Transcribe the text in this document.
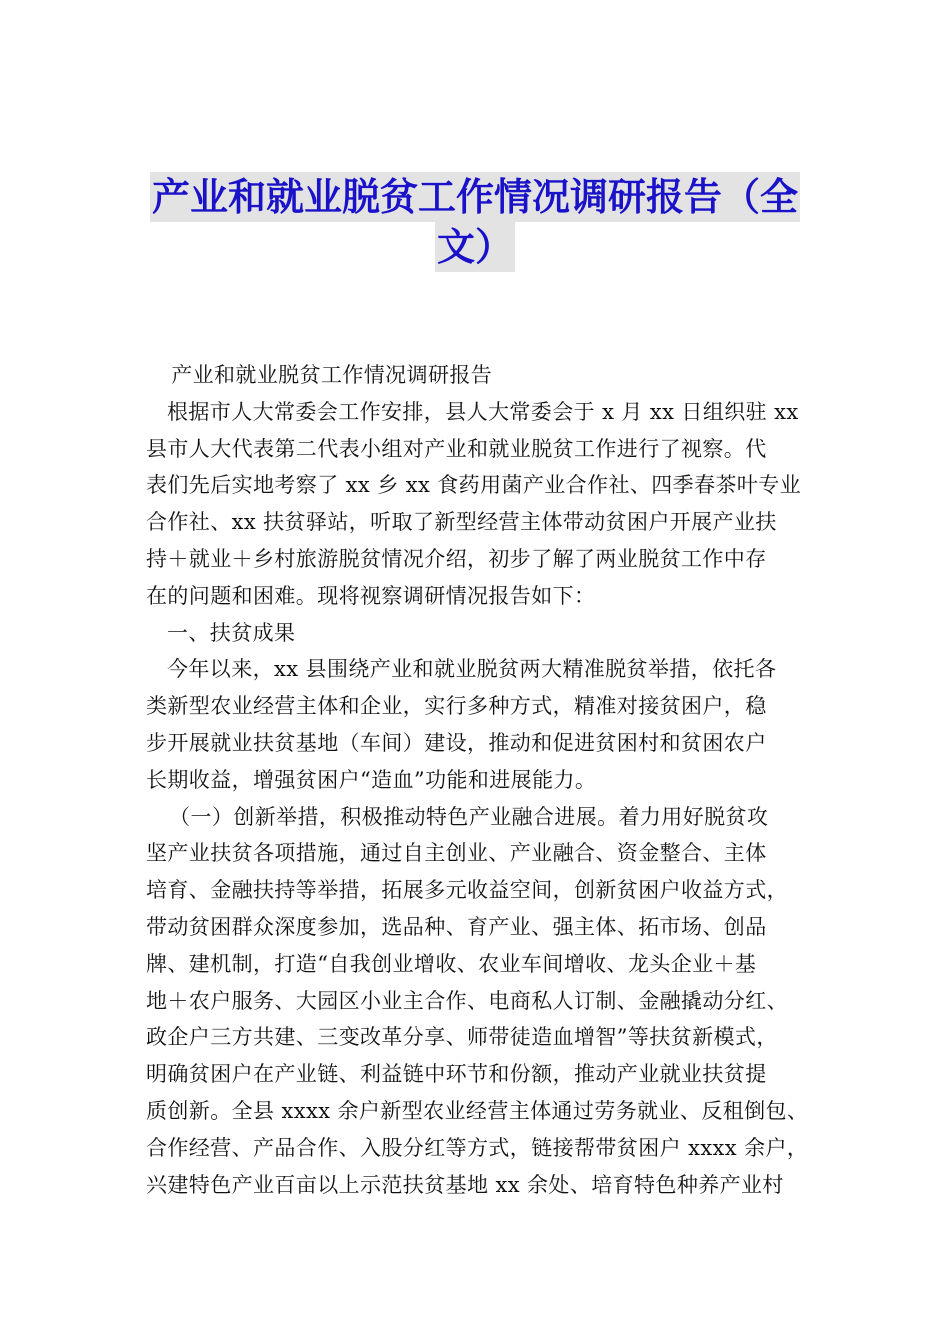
产业和就业脱贫工作情况调研报告（全
文）

产业和就业脱贫工作情况调研报告

根据市人大常委会工作安排，县人大常委会于 x 月 xx 日组织驻 xx
县市人大代表第二代表小组对产业和就业脱贫工作进行了视察。代
表们先后实地考察了 xx 乡 xx 食药用菌产业合作社、四季春茶叶专业
合作社、xx 扶贫驿站，听取了新型经营主体带动贫困户开展产业扶
持＋就业＋乡村旅游脱贫情况介绍，初步了解了两业脱贫工作中存
在的问题和困难。现将视察调研情况报告如下：

一、扶贫成果

今年以来，xx 县围绕产业和就业脱贫两大精准脱贫举措，依托各
类新型农业经营主体和企业，实行多种方式，精准对接贫困户，稳
步开展就业扶贫基地（车间）建设，推动和促进贫困村和贫困农户
长期收益，增强贫困户“造血”功能和进展能力。

（一）创新举措，积极推动特色产业融合进展。着力用好脱贫攻
坚产业扶贫各项措施，通过自主创业、产业融合、资金整合、主体
培育、金融扶持等举措，拓展多元收益空间，创新贫困户收益方式，
带动贫困群众深度参加，选品种、育产业、强主体、拓市场、创品
牌、建机制，打造“自我创业增收、农业车间增收、龙头企业＋基
地＋农户服务、大园区小业主合作、电商私人订制、金融撬动分红、
政企户三方共建、三变改革分享、师带徒造血增智”等扶贫新模式，
明确贫困户在产业链、利益链中环节和份额，推动产业就业扶贫提
质创新。全县 xxxx 余户新型农业经营主体通过劳务就业、反租倒包、
合作经营、产品合作、入股分红等方式，链接帮带贫困户 xxxx 余户，
兴建特色产业百亩以上示范扶贫基地 xx 余处、培育特色种养产业村
